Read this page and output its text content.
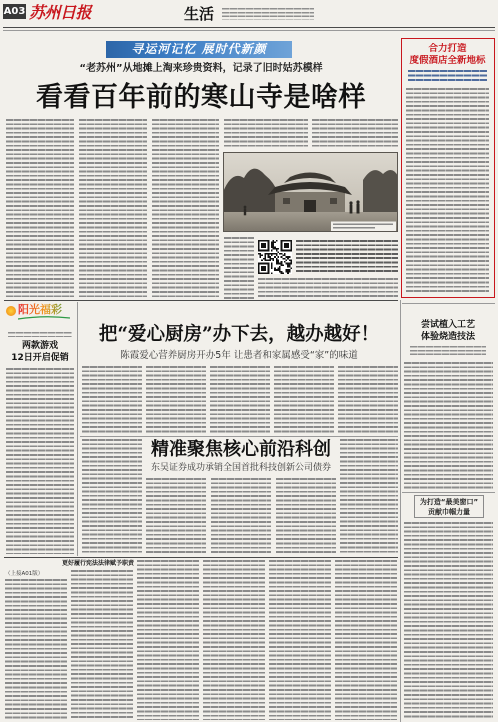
A03 苏州日报	生活
寻运河记忆 展时代新颜
“老苏州”从地摊上淘来珍贵资料，记录了旧时姑苏模样
看看百年前的寒山寺是啥样
合力打造
度假酒店全新地标
阳光福彩
两款游戏
12日开启促销
把“爱心厨房”办下去，越办越好！
陈霞爱心营养厨房开办5年 让患者和家属感受“家”的味道
精准聚焦核心前沿科创
东吴证券成功承销全国首批科技创新公司债券
尝试植入工艺
体验烧造技法
为打造“最美窗口”
贡献巾帼力量
更好履行宪法法律赋予职责
（上接A01版）
